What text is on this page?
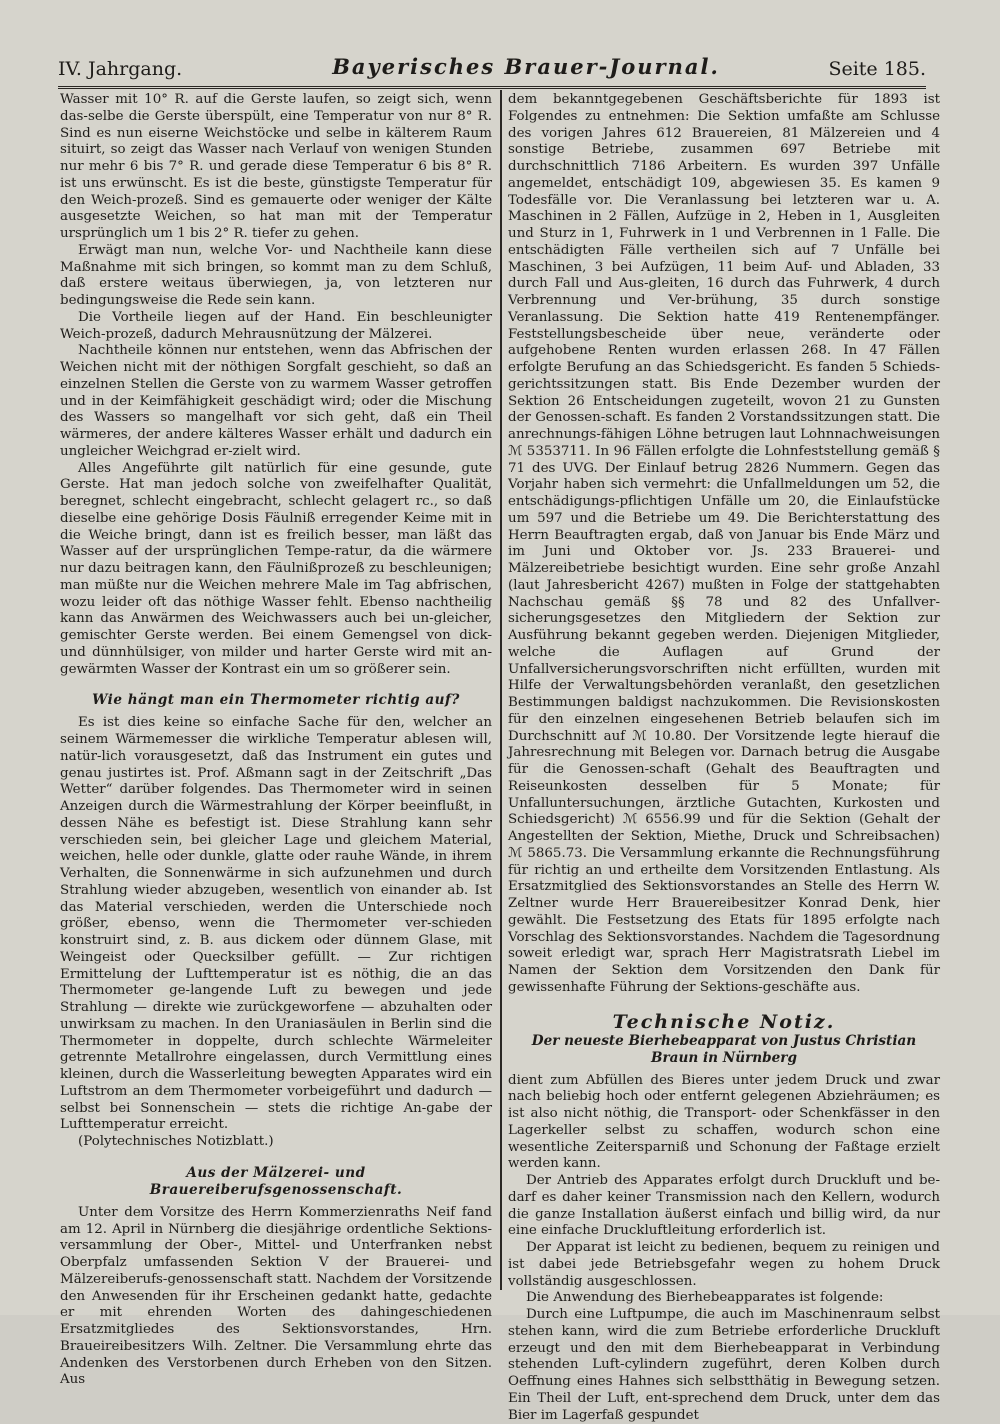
IV. Jahrgang.	Bayerisches Brauer-Journal.	Seite 185.

Wasser mit 10° R. auf die Gerste laufen, so zeigt sich, wenn das-selbe die Gerste überspült, eine Temperatur von nur 8° R. Sind es nun eiserne Weichstöcke und selbe in kälterem Raum situirt, so zeigt das Wasser nach Verlauf von wenigen Stunden nur mehr 6 bis 7° R. und gerade diese Temperatur 6 bis 8° R. ist uns erwünscht. Es ist die beste, günstigste Temperatur für den Weich-prozeß. Sind es gemauerte oder weniger der Kälte ausgesetzte Weichen, so hat man mit der Temperatur ursprünglich um 1 bis 2° R. tiefer zu gehen.

Erwägt man nun, welche Vor- und Nachtheile kann diese Maßnahme mit sich bringen, so kommt man zu dem Schluß, daß erstere weitaus überwiegen, ja, von letzteren nur bedingungsweise die Rede sein kann.

Die Vortheile liegen auf der Hand. Ein beschleunigter Weich-prozeß, dadurch Mehrausnützung der Mälzerei.

Nachtheile können nur entstehen, wenn das Abfrischen der Weichen nicht mit der nöthigen Sorgfalt geschieht, so daß an einzelnen Stellen die Gerste von zu warmem Wasser getroffen und in der Keimfähigkeit geschädigt wird; oder die Mischung des Wassers so mangelhaft vor sich geht, daß ein Theil wärmeres, der andere kälteres Wasser erhält und dadurch ein ungleicher Weichgrad er-zielt wird.

Alles Angeführte gilt natürlich für eine gesunde, gute Gerste. Hat man jedoch solche von zweifelhafter Qualität, beregnet, schlecht eingebracht, schlecht gelagert rc., so daß dieselbe eine gehörige Dosis Fäulniß erregender Keime mit in die Weiche bringt, dann ist es freilich besser, man läßt das Wasser auf der ursprünglichen Tempe-ratur, da die wärmere nur dazu beitragen kann, den Fäulnißprozeß zu beschleunigen; man müßte nur die Weichen mehrere Male im Tag abfrischen, wozu leider oft das nöthige Wasser fehlt. Ebenso nachtheilig kann das Anwärmen des Weichwassers auch bei un-gleicher, gemischter Gerste werden. Bei einem Gemengsel von dick- und dünnhülsiger, von milder und harter Gerste wird mit an-gewärmten Wasser der Kontrast ein um so größerer sein.

Wie hängt man ein Thermometer richtig auf?

Es ist dies keine so einfache Sache für den, welcher an seinem Wärmemesser die wirkliche Temperatur ablesen will, natür-lich vorausgesetzt, daß das Instrument ein gutes und genau justirtes ist. Prof. Aßmann sagt in der Zeitschrift „Das Wetter“ darüber folgendes. Das Thermometer wird in seinen Anzeigen durch die Wärmestrahlung der Körper beeinflußt, in dessen Nähe es befestigt ist. Diese Strahlung kann sehr verschieden sein, bei gleicher Lage und gleichem Material, weichen, helle oder dunkle, glatte oder rauhe Wände, in ihrem Verhalten, die Sonnenwärme in sich aufzunehmen und durch Strahlung wieder abzugeben, wesentlich von einander ab. Ist das Material verschieden, werden die Unterschiede noch größer, ebenso, wenn die Thermometer ver-schieden konstruirt sind, z. B. aus dickem oder dünnem Glase, mit Weingeist oder Quecksilber gefüllt. — Zur richtigen Ermittelung der Lufttemperatur ist es nöthig, die an das Thermometer ge-langende Luft zu bewegen und jede Strahlung — direkte wie zurückgeworfene — abzuhalten oder unwirksam zu machen. In den Uraniasäulen in Berlin sind die Thermometer in doppelte, durch schlechte Wärmeleiter getrennte Metallrohre eingelassen, durch Vermittlung eines kleinen, durch die Wasserleitung bewegten Apparates wird ein Luftstrom an dem Thermometer vorbeigeführt und dadurch — selbst bei Sonnenschein — stets die richtige An-gabe der Lufttemperatur erreicht.

(Polytechnisches Notizblatt.)

Aus der Mälzerei- und Brauereiberufsgenossenschaft.

Unter dem Vorsitze des Herrn Kommerzienraths Neif fand am 12. April in Nürnberg die diesjährige ordentliche Sektions-versammlung der Ober-, Mittel- und Unterfranken nebst Oberpfalz umfassenden Sektion V der Brauerei- und Mälzereiberufs-genossenschaft statt. Nachdem der Vorsitzende den Anwesenden für ihr Erscheinen gedankt hatte, gedachte er mit ehrenden Worten des dahingeschiedenen Ersatzmitgliedes des Sektionsvorstandes, Hrn. Braueireibesitzers Wilh. Zeltner. Die Versammlung ehrte das Andenken des Verstorbenen durch Erheben von den Sitzen. Aus

dem bekanntgegebenen Geschäftsberichte für 1893 ist Folgendes zu entnehmen: Die Sektion umfaßte am Schlusse des vorigen Jahres 612 Brauereien, 81 Mälzereien und 4 sonstige Betriebe, zusammen 697 Betriebe mit durchschnittlich 7186 Arbeitern. Es wurden 397 Unfälle angemeldet, entschädigt 109, abgewiesen 35. Es kamen 9 Todesfälle vor. Die Veranlassung bei letzteren war u. A. Maschinen in 2 Fällen, Aufzüge in 2, Heben in 1, Ausgleiten und Sturz in 1, Fuhrwerk in 1 und Verbrennen in 1 Falle. Die entschädigten Fälle vertheilen sich auf 7 Unfälle bei Maschinen, 3 bei Aufzügen, 11 beim Auf- und Abladen, 33 durch Fall und Aus-gleiten, 16 durch das Fuhrwerk, 4 durch Verbrennung und Ver-brühung, 35 durch sonstige Veranlassung. Die Sektion hatte 419 Rentenempfänger. Feststellungsbescheide über neue, veränderte oder aufgehobene Renten wurden erlassen 268. In 47 Fällen erfolgte Berufung an das Schiedsgericht. Es fanden 5 Schieds-gerichtssitzungen statt. Bis Ende Dezember wurden der Sektion 26 Entscheidungen zugeteilt, wovon 21 zu Gunsten der Genossen-schaft. Es fanden 2 Vorstandssitzungen statt. Die anrechnungs-fähigen Löhne betrugen laut Lohnnachweisungen ℳ 5353711. In 96 Fällen erfolgte die Lohnfeststellung gemäß § 71 des UVG. Der Einlauf betrug 2826 Nummern. Gegen das Vorjahr haben sich vermehrt: die Unfallmeldungen um 52, die entschädigungs-pflichtigen Unfälle um 20, die Einlaufstücke um 597 und die Betriebe um 49. Die Berichterstattung des Herrn Beauftragten ergab, daß von Januar bis Ende März und im Juni und Oktober vor. Js. 233 Brauerei- und Mälzereibetriebe besichtigt wurden. Eine sehr große Anzahl (laut Jahresbericht 4267) mußten in Folge der stattgehabten Nachschau gemäß §§ 78 und 82 des Unfallver-sicherungsgesetzes den Mitgliedern der Sektion zur Ausführung bekannt gegeben werden. Diejenigen Mitglieder, welche die Auflagen auf Grund der Unfallversicherungsvorschriften nicht erfüllten, wurden mit Hilfe der Verwaltungsbehörden veranlaßt, den gesetzlichen Bestimmungen baldigst nachzukommen. Die Revisionskosten für den einzelnen eingesehenen Betrieb belaufen sich im Durchschnitt auf ℳ 10.80. Der Vorsitzende legte hierauf die Jahresrechnung mit Belegen vor. Darnach betrug die Ausgabe für die Genossen-schaft (Gehalt des Beauftragten und Reiseunkosten desselben für 5 Monate; für Unfalluntersuchungen, ärztliche Gutachten, Kurkosten und Schiedsgericht) ℳ 6556.99 und für die Sektion (Gehalt der Angestellten der Sektion, Miethe, Druck und Schreibsachen) ℳ 5865.73. Die Versammlung erkannte die Rechnungsführung für richtig an und ertheilte dem Vorsitzenden Entlastung. Als Ersatzmitglied des Sektionsvorstandes an Stelle des Herrn W. Zeltner wurde Herr Brauereibesitzer Konrad Denk, hier gewählt. Die Festsetzung des Etats für 1895 erfolgte nach Vorschlag des Sektionsvorstandes. Nachdem die Tagesordnung soweit erledigt war, sprach Herr Magistratsrath Liebel im Namen der Sektion dem Vorsitzenden den Dank für gewissenhafte Führung der Sektions-geschäfte aus.

Technische Notiz.
Der neueste Bierhebeapparat von Justus Christian Braun in Nürnberg

dient zum Abfüllen des Bieres unter jedem Druck und zwar nach beliebig hoch oder entfernt gelegenen Abziehräumen; es ist also nicht nöthig, die Transport- oder Schenkfässer in den Lagerkeller selbst zu schaffen, wodurch schon eine wesentliche Zeitersparniß und Schonung der Faßtage erzielt werden kann.

Der Antrieb des Apparates erfolgt durch Druckluft und be-darf es daher keiner Transmission nach den Kellern, wodurch die ganze Installation äußerst einfach und billig wird, da nur eine einfache Druckluftleitung erforderlich ist.

Der Apparat ist leicht zu bedienen, bequem zu reinigen und ist dabei jede Betriebsgefahr wegen zu hohem Druck vollständig ausgeschlossen.

Die Anwendung des Bierhebeapparates ist folgende:

Durch eine Luftpumpe, die auch im Maschinenraum selbst stehen kann, wird die zum Betriebe erforderliche Druckluft erzeugt und den mit dem Bierhebeapparat in Verbindung stehenden Luft-cylindern zugeführt, deren Kolben durch Oeffnung eines Hahnes sich selbstthätig in Bewegung setzen. Ein Theil der Luft, ent-sprechend dem Druck, unter dem das Bier im Lagerfaß gespundet
